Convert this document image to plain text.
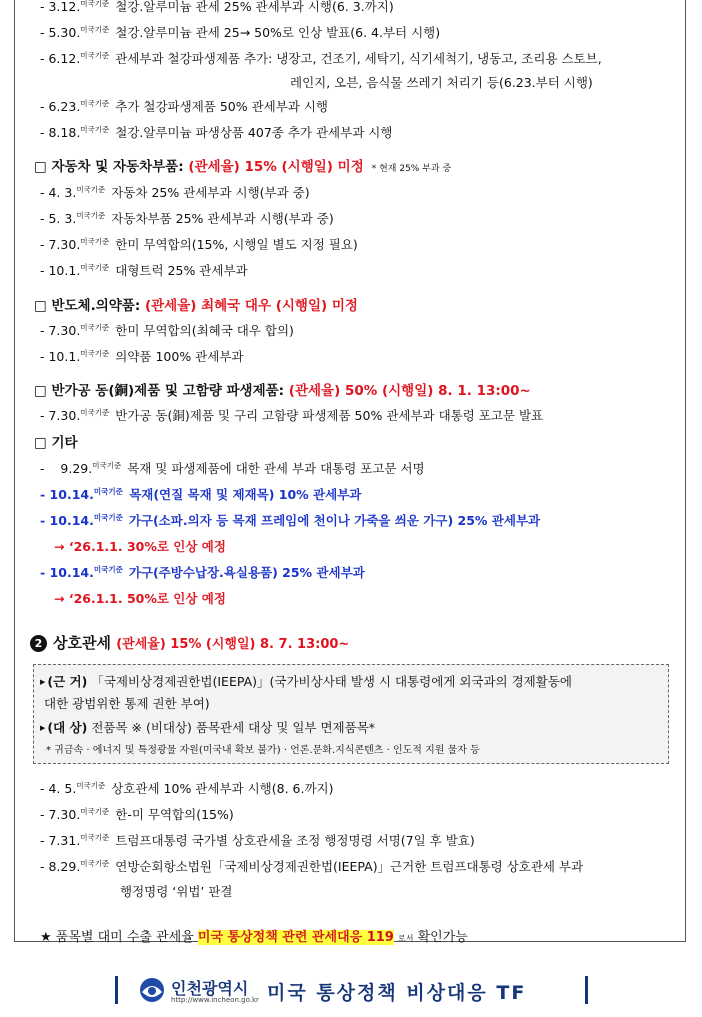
- 3.12.$^{미국기준}$ 철강.알루미늄 관세 25% 관세부과 시행(6. 3.까지)
- 5.30.$^{미국기준}$ 철강.알루미늄 관세 25→ 50%로 인상 발표(6. 4.부터 시행)
- 6.12.$^{미국기준}$ 관세부과 철강파생제품 추가: 냉장고, 건조기, 세탁기, 식기세척기, 냉동고, 조리용 스토브,
레인지, 오븐, 음식물 쓰레기 처리기 등(6.23.부터 시행)
- 6.23.$^{미국기준}$ 추가 철강파생제품 50% 관세부과 시행
- 8.18.$^{미국기준}$ 철강.알루미늄 파생상품 407종 추가 관세부과 시행
□ 자동차 및 자동차부품: (관세율) 15% (시행일) 미정 * 현재 25% 부과 중
- 4. 3.$^{미국기준}$ 자동차 25% 관세부과 시행(부과 중)
- 5. 3.$^{미국기준}$ 자동차부품 25% 관세부과 시행(부과 중)
- 7.30.$^{미국기준}$ 한미 무역합의(15%, 시행일 별도 지정 필요)
- 10.1.$^{미국기준}$ 대형트럭 25% 관세부과
□ 반도체.의약품: (관세율) 최혜국 대우 (시행일) 미정
- 7.30.$^{미국기준}$ 한미 무역합의(최혜국 대우 합의)
- 10.1.$^{미국기준}$ 의약품 100% 관세부과
□ 반가공 동(銅)제품 및 고함량 파생제품: (관세율) 50% (시행일) 8. 1. 13:00~
- 7.30.$^{미국기준}$ 반가공 동(銅)제품 및 구리 고함량 파생제품 50% 관세부과 대통령 포고문 발표
□ 기타
-    9.29.$^{미국기준}$ 목재 및 파생제품에 대한 관세 부과 대통령 포고문 서명
- 10.14.$^{미국기준}$ 목재(연질 목재 및 제재목) 10% 관세부과
- 10.14.$^{미국기준}$ 가구(소파.의자 등 목재 프레임에 천이나 가죽을 씌운 가구) 25% 관세부과
→ ‘26.1.1. 30%로 인상 예정
- 10.14.$^{미국기준}$ 가구(주방수납장.욕실용품) 25% 관세부과
→ ‘26.1.1. 50%로 인상 예정
2 상호관세 (관세율) 15% (시행일) 8. 7. 13:00~
▶ (근 거) 「국제비상경제권한법(IEEPA)」(국가비상사태 발생 시 대통령에게 외국과의 경제활동에
대한 광범위한 통제 권한 부여)
▶ (대 상) 전품목 ※ (비대상) 품목관세 대상 및 일부 면제품목*
* 귀금속 · 에너지 및 특정광물 자원(미국내 확보 불가) · 언론.문화.지식콘텐츠 · 인도적 지원 물자 등
- 4. 5.$^{미국기준}$ 상호관세 10% 관세부과 시행(8. 6.까지)
- 7.30.$^{미국기준}$ 한-미 무역합의(15%)
- 7.31.$^{미국기준}$ 트럼프대통령 국가별 상호관세율 조정 행정명령 서명(7일 후 발효)
- 8.29.$^{미국기준}$ 연방순회항소법원「국제비상경제권한법(IEEPA)」근거한 트럼프대통령 상호관세 부과
행정명령 ‘위법’ 판결
★ 품목별 대미 수출 관세율 미국 통상정책 관련 관세대응 119 로서 확인가능
인천광역시
http://www.incheon.go.kr 미국 통상정책 비상대응 TF
